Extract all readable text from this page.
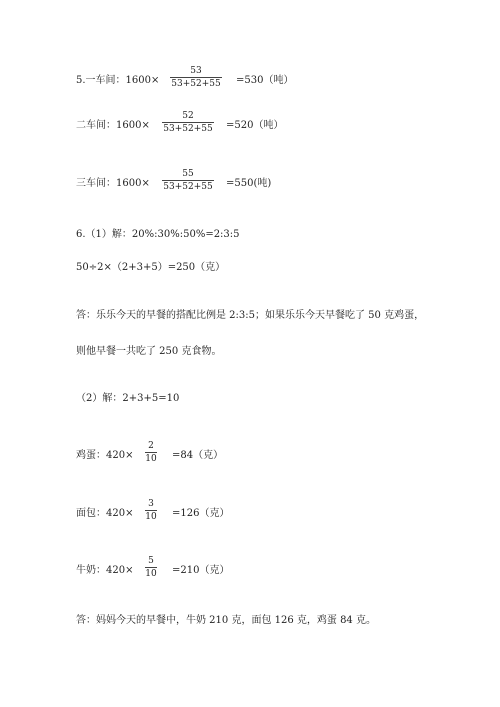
5.一车间：1600×
53
53+52+55 =530（吨）
二车间：1600×
52
53+52+55 =520（吨）
三车间：1600×
55
53+52+55 =550(吨)
6.（1）解：20%:30%:50%=2:3:5
50÷2×（2+3+5）=250（克）
答：乐乐今天的早餐的搭配比例是 2:3:5；如果乐乐今天早餐吃了 50 克鸡蛋，
则他早餐一共吃了 250 克食物。
（2）解：2+3+5=10
鸡蛋：420×
2
10 =84（克）
面包：420×
3
10 =126（克）
牛奶：420×
5
10 =210（克）
答：妈妈今天的早餐中，牛奶 210 克，面包 126 克，鸡蛋 84 克。
